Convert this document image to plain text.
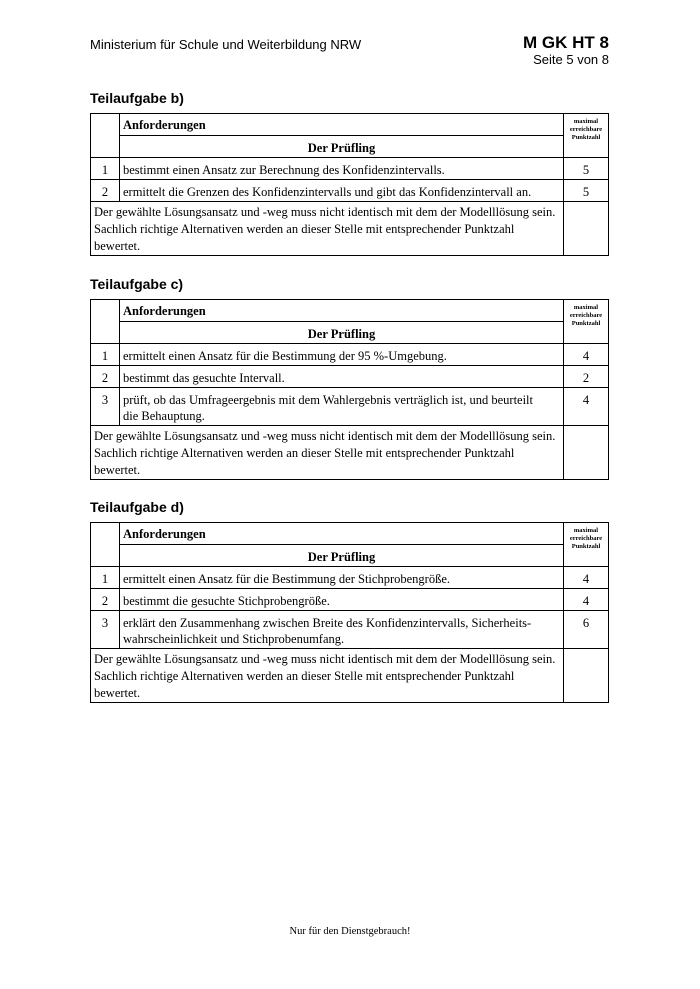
Ministerium für Schule und Weiterbildung NRW	M GK HT 8
Seite 5 von 8
Teilaufgabe b)
	Anforderungen	maximal
erreichbare
Punktzahl

	Der Prüfling	
1	bestimmt einen Ansatz zur Berechnung des Konfidenzintervalls.	5
2	ermittelt die Grenzen des Konfidenzintervalls und gibt das Konfidenzintervall an.	5

Der gewählte Lösungsansatz und -weg muss nicht identisch mit dem der Modelllösung sein.
Sachlich richtige Alternativen werden an dieser Stelle mit entsprechender Punktzahl bewertet.		

Teilaufgabe c)
	Anforderungen	maximal
erreichbare
Punktzahl

	Der Prüfling	
1	ermittelt einen Ansatz für die Bestimmung der 95 %-Umgebung.	4
2	bestimmt das gesuchte Intervall.	2
3	prüft, ob das Umfrageergebnis mit dem Wahlergebnis verträglich ist, und beurteilt
die Behauptung.	4

Der gewählte Lösungsansatz und -weg muss nicht identisch mit dem der Modelllösung sein.
Sachlich richtige Alternativen werden an dieser Stelle mit entsprechender Punktzahl bewertet.		

Teilaufgabe d)
	Anforderungen	maximal
erreichbare
Punktzahl

	Der Prüfling	
1	ermittelt einen Ansatz für die Bestimmung der Stichprobengröße.	4
2	bestimmt die gesuchte Stichprobengröße.	4
3	erklärt den Zusammenhang zwischen Breite des Konfidenzintervalls, Sicherheits-
wahrscheinlichkeit und Stichprobenumfang.	6

Der gewählte Lösungsansatz und -weg muss nicht identisch mit dem der Modelllösung sein.
Sachlich richtige Alternativen werden an dieser Stelle mit entsprechender Punktzahl bewertet.		

Nur für den Dienstgebrauch!
